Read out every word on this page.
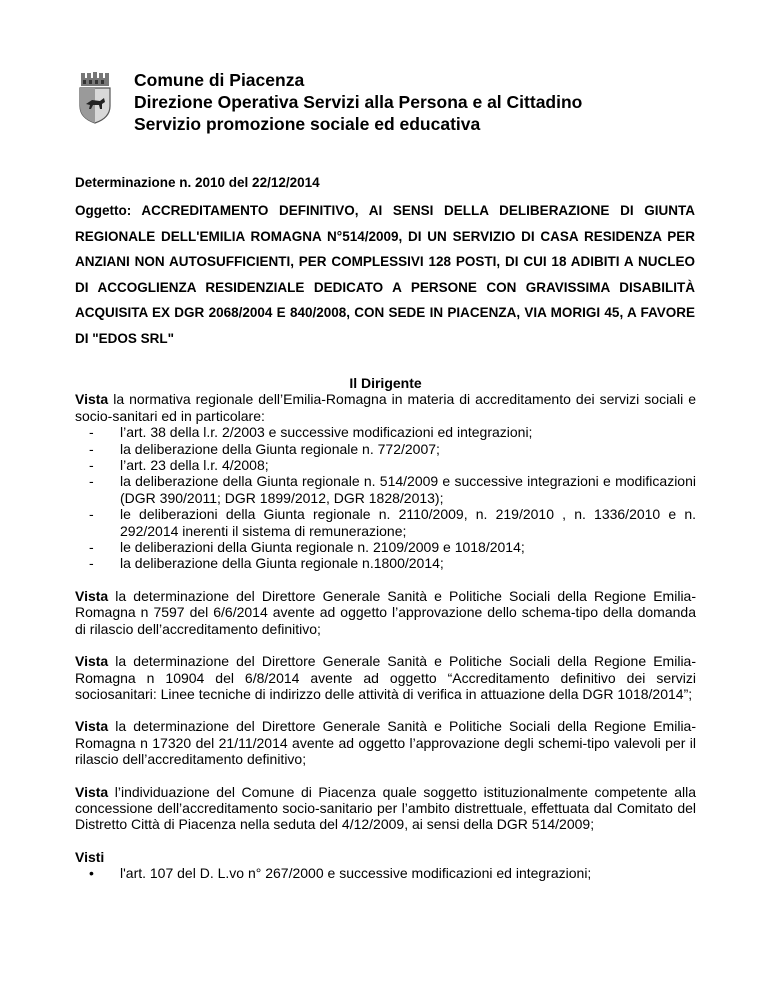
Comune di Piacenza
Direzione Operativa Servizi alla Persona e al Cittadino
Servizio promozione sociale ed educativa
Determinazione n. 2010 del 22/12/2014
Oggetto: ACCREDITAMENTO DEFINITIVO, AI SENSI DELLA DELIBERAZIONE DI GIUNTA REGIONALE DELL'EMILIA ROMAGNA N°514/2009, DI UN SERVIZIO DI CASA RESIDENZA PER ANZIANI NON AUTOSUFFICIENTI, PER COMPLESSIVI 128 POSTI, DI CUI 18 ADIBITI A NUCLEO DI ACCOGLIENZA RESIDENZIALE DEDICATO A PERSONE CON GRAVISSIMA DISABILITÀ ACQUISITA EX DGR 2068/2004 E 840/2008, CON SEDE IN PIACENZA, VIA MORIGI 45, A FAVORE DI "EDOS SRL"
Il Dirigente

Vista la normativa regionale dell’Emilia-Romagna in materia di accreditamento dei servizi sociali e socio-sanitari ed in particolare:

- l’art. 38 della l.r. 2/2003 e successive modificazioni ed integrazioni;
- la deliberazione della Giunta regionale n. 772/2007;
- l’art. 23 della l.r. 4/2008;
- la deliberazione della Giunta regionale n. 514/2009 e successive integrazioni e modificazioni (DGR 390/2011; DGR 1899/2012, DGR 1828/2013);
- le deliberazioni della Giunta regionale n. 2110/2009, n. 219/2010 , n. 1336/2010 e n. 292/2014 inerenti il sistema di remunerazione;
- le deliberazioni della Giunta regionale n. 2109/2009 e 1018/2014;
- la deliberazione della Giunta regionale n.1800/2014;

Vista la determinazione del Direttore Generale Sanità e Politiche Sociali della Regione Emilia-Romagna n 7597 del 6/6/2014 avente ad oggetto l’approvazione dello schema-tipo della domanda di rilascio dell’accreditamento definitivo;

Vista la determinazione del Direttore Generale Sanità e Politiche Sociali della Regione Emilia-Romagna n 10904 del 6/8/2014 avente ad oggetto “Accreditamento definitivo dei servizi sociosanitari: Linee tecniche di indirizzo delle attività di verifica in attuazione della DGR 1018/2014”;

Vista la determinazione del Direttore Generale Sanità e Politiche Sociali della Regione Emilia-Romagna n 17320 del 21/11/2014 avente ad oggetto l’approvazione degli schemi-tipo valevoli per il rilascio dell’accreditamento definitivo;

Vista l’individuazione del Comune di Piacenza quale soggetto istituzionalmente competente alla concessione dell’accreditamento socio-sanitario per l’ambito distrettuale, effettuata dal Comitato del Distretto Città di Piacenza nella seduta del 4/12/2009, ai sensi della DGR 514/2009;

Visti

• l'art. 107 del D. L.vo n° 267/2000 e successive modificazioni ed integrazioni;
